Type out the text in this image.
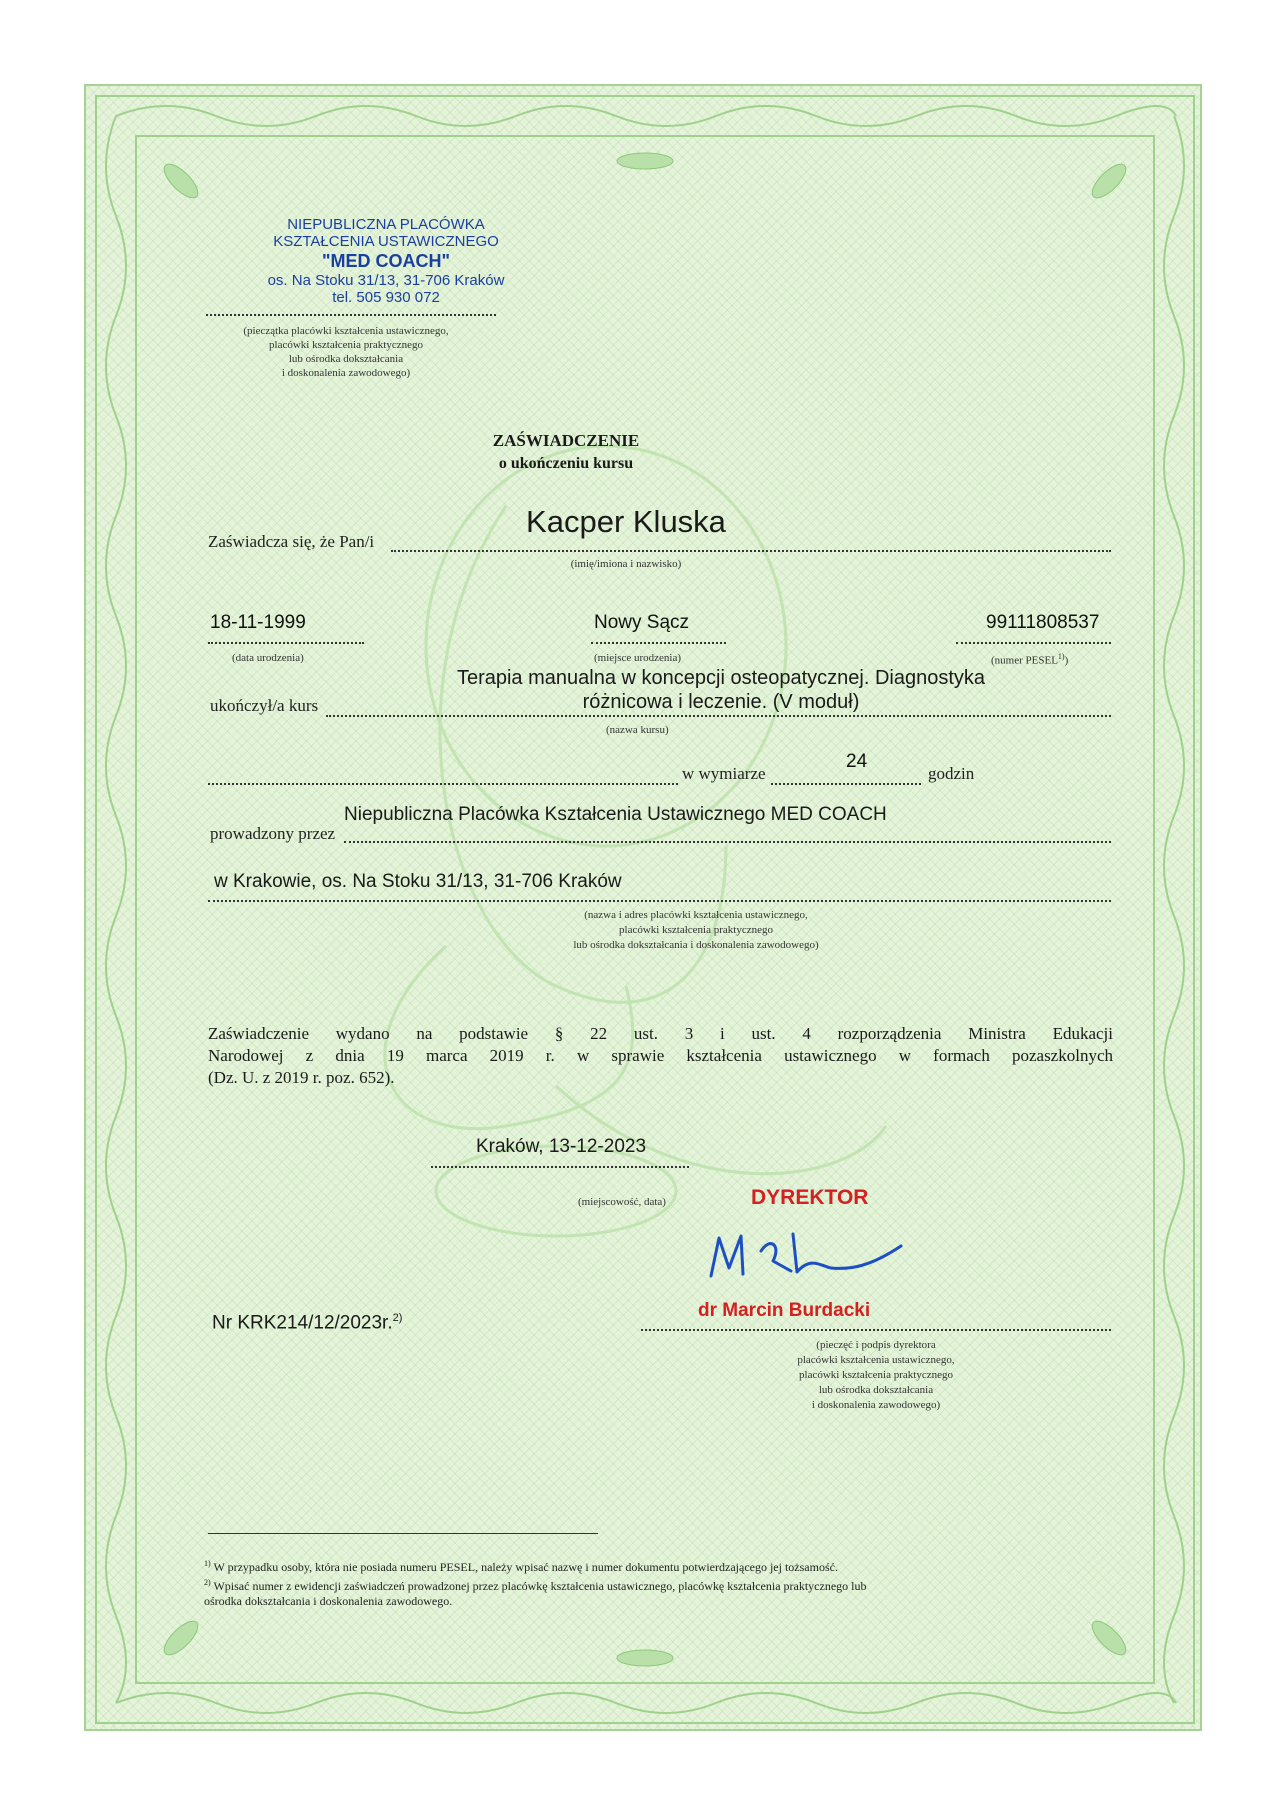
NIEPUBLICZNA PLACÓWKA
KSZTAŁCENIA USTAWICZNEGO
"MED COACH"
os. Na Stoku 31/13, 31-706 Kraków
tel. 505 930 072
(pieczątka placówki kształcenia ustawicznego,
placówki kształcenia praktycznego
lub ośrodka dokształcania
i doskonalenia zawodowego)
ZAŚWIADCZENIE
o ukończeniu kursu
Zaświadcza się, że Pan/i
Kacper Kluska
(imię/imiona i nazwisko)
18-11-1999
(data urodzenia)
Nowy Sącz
(miejsce urodzenia)
99111808537
(numer PESEL$^{1)}$)
Terapia manualna w koncepcji osteopatycznej. Diagnostyka
różnicowa i leczenie. (V moduł)
ukończył/a kurs
(nazwa kursu)
w wymiarze
24
godzin
prowadzony przez
Niepubliczna Placówka Kształcenia Ustawicznego MED COACH
w Krakowie, os. Na Stoku 31/13, 31-706 Kraków
(nazwa i adres placówki kształcenia ustawicznego,
placówki kształcenia praktycznego
lub ośrodka dokształcania i doskonalenia zawodowego)
Zaświadczenie wydano na podstawie § 22 ust. 3 i ust. 4 rozporządzenia Ministra Edukacji
Narodowej z dnia 19 marca 2019 r. w sprawie kształcenia ustawicznego w formach pozaszkolnych
(Dz. U. z 2019 r. poz. 652).
Kraków, 13-12-2023
(miejscowość, data)	DYREKTOR
dr Marcin Burdacki
(pieczęć i podpis dyrektora
placówki kształcenia ustawicznego,
placówki kształcenia praktycznego
lub ośrodka dokształcania
i doskonalenia zawodowego)
Nr KRK214/12/2023r.$^{2)}$
$^{1)}$ W przypadku osoby, która nie posiada numeru PESEL, należy wpisać nazwę i numer dokumentu potwierdzającego jej tożsamość.
$^{2)}$ Wpisać numer z ewidencji zaświadczeń prowadzonej przez placówkę kształcenia ustawicznego, placówkę kształcenia praktycznego lub
ośrodka dokształcania i doskonalenia zawodowego.
